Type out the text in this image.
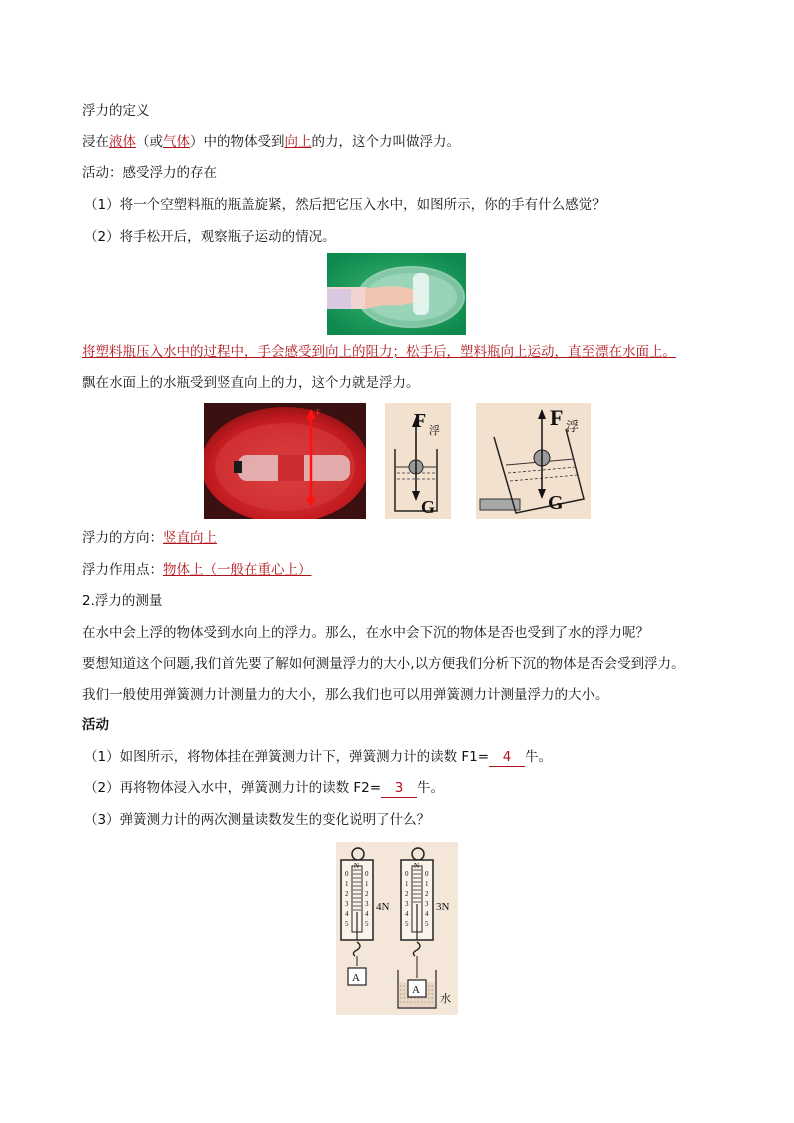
浮力的定义
浸在液体（或气体）中的物体受到向上的力，这个力叫做浮力。
活动：感受浮力的存在
（1）将一个空塑料瓶的瓶盖旋紧，然后把它压入水中，如图所示，你的手有什么感觉？
（2）将手松开后，观察瓶子运动的情况。
将塑料瓶压入水中的过程中，手会感受到向上的阻力；松手后，塑料瓶向上运动，直至漂在水面上。
飘在水面上的水瓶受到竖直向上的力，这个力就是浮力。
F	F 浮
G
F 浮
G
浮力的方向：竖直向上
浮力作用点：物体上（一般在重心上）
2.浮力的测量
在水中会上浮的物体受到水向上的浮力。那么，在水中会下沉的物体是否也受到了水的浮力呢？
要想知道这个问题,我们首先要了解如何测量浮力的大小,以方便我们分析下沉的物体是否会受到浮力。
我们一般使用弹簧测力计测量力的大小，那么我们也可以用弹簧测力计测量浮力的大小。
活动
（1）如图所示，将物体挂在弹簧测力计下，弹簧测力计的读数 F1= 4 牛。
（2）再将物体浸入水中，弹簧测力计的读数 F2= 3 牛。
（3）弹簧测力计的两次测量读数发生的变化说明了什么？
N	N
0 0	0 0
1 1	1 1
2 2	2 2
3 3	3 3
4 4	4 4
5 5	5 5
4N	3N
A
A
水
